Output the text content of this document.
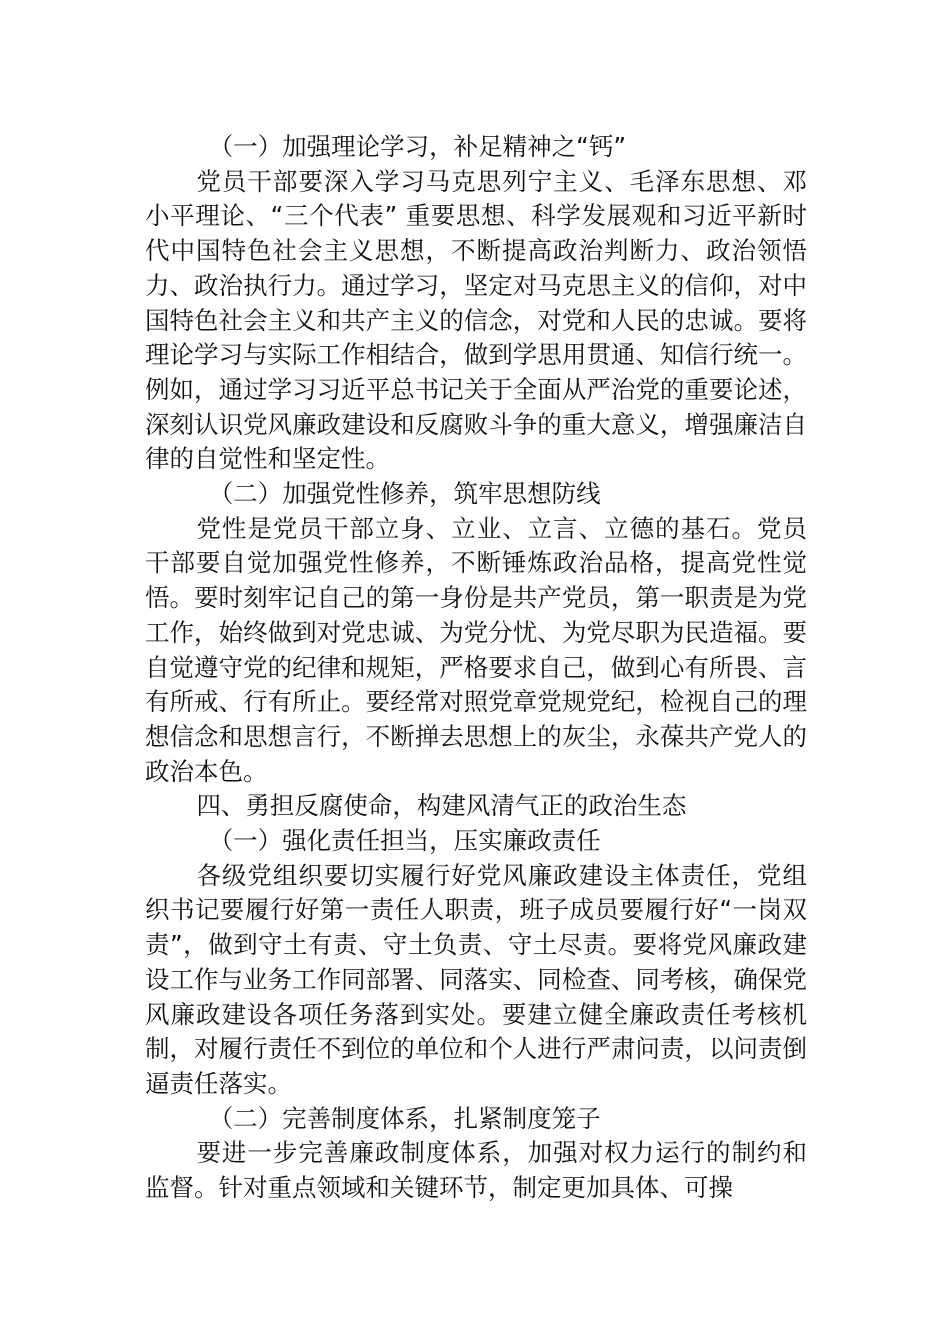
（一）加强理论学习，补足精神之“钙”

党员干部要深入学习马克思列宁主义、毛泽东思想、邓小平理论、“三个代表” 重要思想、科学发展观和习近平新时代中国特色社会主义思想，不断提高政治判断力、政治领悟力、政治执行力。通过学习，坚定对马克思主义的信仰，对中国特色社会主义和共产主义的信念，对党和人民的忠诚。要将理论学习与实际工作相结合，做到学思用贯通、知信行统一。例如，通过学习习近平总书记关于全面从严治党的重要论述，深刻认识党风廉政建设和反腐败斗争的重大意义，增强廉洁自律的自觉性和坚定性。

（二）加强党性修养，筑牢思想防线

党性是党员干部立身、立业、立言、立德的基石。党员干部要自觉加强党性修养，不断锤炼政治品格，提高党性觉悟。要时刻牢记自己的第一身份是共产党员，第一职责是为党工作，始终做到对党忠诚、为党分忧、为党尽职为民造福。要自觉遵守党的纪律和规矩，严格要求自己，做到心有所畏、言有所戒、行有所止。要经常对照党章党规党纪，检视自己的理想信念和思想言行，不断掸去思想上的灰尘，永葆共产党人的政治本色。

四、勇担反腐使命，构建风清气正的政治生态

（一）强化责任担当，压实廉政责任

各级党组织要切实履行好党风廉政建设主体责任，党组织书记要履行好第一责任人职责，班子成员要履行好“一岗双责”，做到守土有责、守土负责、守土尽责。要将党风廉政建设工作与业务工作同部署、同落实、同检查、同考核，确保党风廉政建设各项任务落到实处。要建立健全廉政责任考核机制，对履行责任不到位的单位和个人进行严肃问责，以问责倒逼责任落实。

（二）完善制度体系，扎紧制度笼子

要进一步完善廉政制度体系，加强对权力运行的制约和监督。针对重点领域和关键环节，制定更加具体、可操
